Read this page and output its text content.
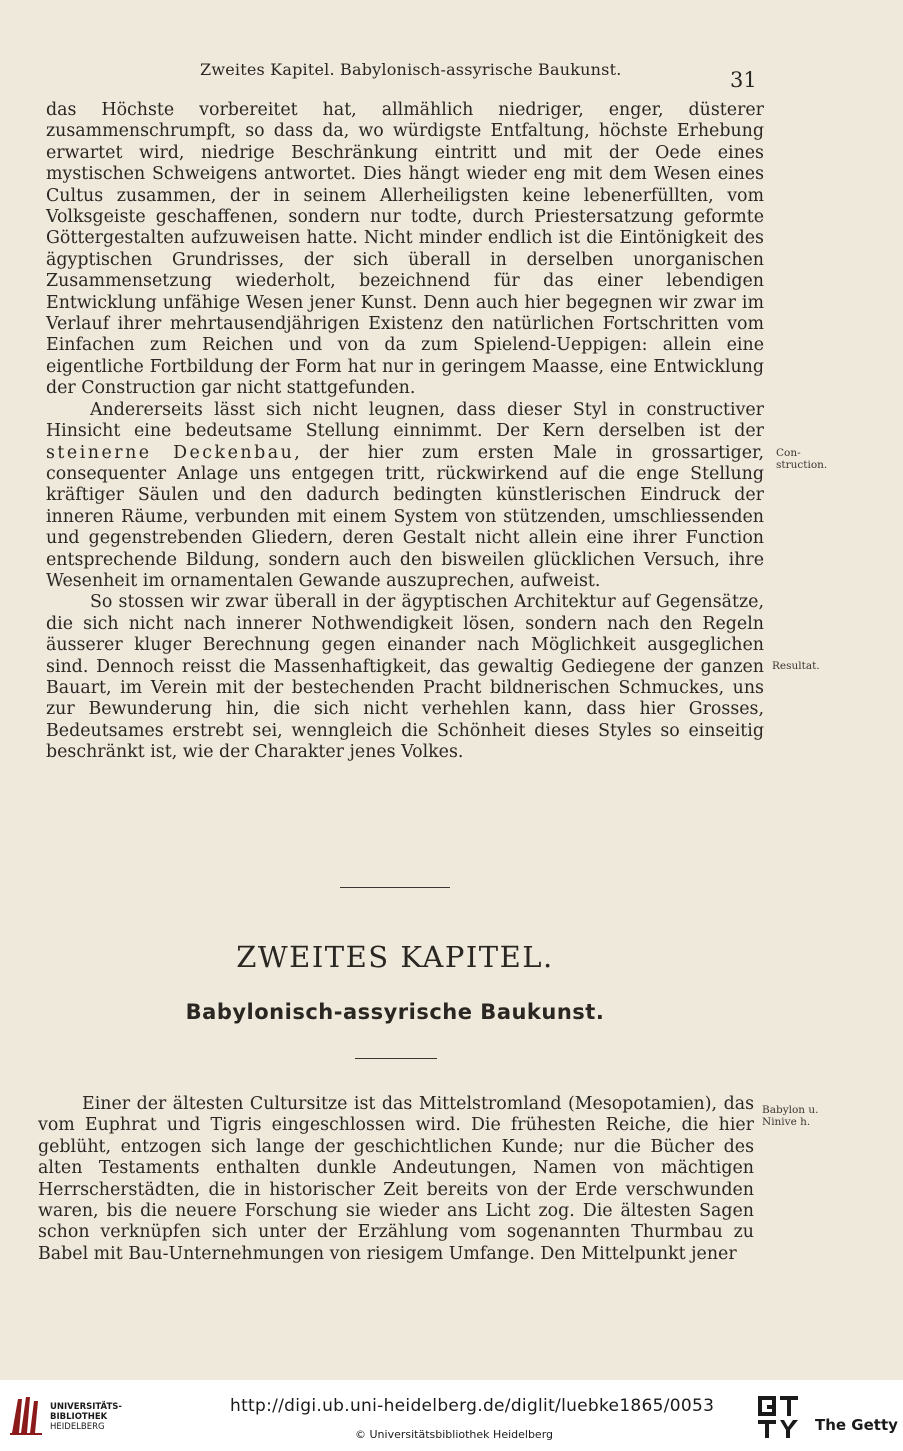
Zweites Kapitel. Babylonisch-assyrische Baukunst.	31

das Höchste vorbereitet hat, allmählich niedriger, enger, düsterer zusammenschrumpft, so dass da, wo würdigste Entfaltung, höchste Erhebung erwartet wird, niedrige Beschränkung eintritt und mit der Oede eines mystischen Schweigens antwortet. Dies hängt wieder eng mit dem Wesen eines Cultus zusammen, der in seinem Allerheiligsten keine lebenerfüllten, vom Volksgeiste geschaffenen, sondern nur todte, durch Priestersatzung geformte Göttergestalten aufzuweisen hatte. Nicht minder endlich ist die Eintönigkeit des ägyptischen Grundrisses, der sich überall in derselben unorganischen Zusammensetzung wiederholt, bezeichnend für das einer lebendigen Entwicklung unfähige Wesen jener Kunst. Denn auch hier begegnen wir zwar im Verlauf ihrer mehrtausendjährigen Existenz den natürlichen Fortschritten vom Einfachen zum Reichen und von da zum Spielend-Ueppigen: allein eine eigentliche Fortbildung der Form hat nur in geringem Maasse, eine Entwicklung der Construction gar nicht stattgefunden.

Andererseits lässt sich nicht leugnen, dass dieser Styl in constructiver Hinsicht eine bedeutsame Stellung einnimmt. Der Kern derselben ist der steinerne Deckenbau, der hier zum ersten Male in grossartiger, consequenter Anlage uns entgegen tritt, rückwirkend auf die enge Stellung kräftiger Säulen und den dadurch bedingten künstlerischen Eindruck der inneren Räume, verbunden mit einem System von stützenden, umschliessenden und gegenstrebenden Gliedern, deren Gestalt nicht allein eine ihrer Function entsprechende Bildung, sondern auch den bisweilen glücklichen Versuch, ihre Wesenheit im ornamentalen Gewande auszuprechen, aufweist.

So stossen wir zwar überall in der ägyptischen Architektur auf Gegensätze, die sich nicht nach innerer Nothwendigkeit lösen, sondern nach den Regeln äusserer kluger Berechnung gegen einander nach Möglichkeit ausgeglichen sind. Dennoch reisst die Massenhaftigkeit, das gewaltig Gediegene der ganzen Bauart, im Verein mit der bestechenden Pracht bildnerischen Schmuckes, uns zur Bewunderung hin, die sich nicht verhehlen kann, dass hier Grosses, Bedeutsames erstrebt sei, wenngleich die Schönheit dieses Styles so einseitig beschränkt ist, wie der Charakter jenes Volkes.

Con-
struction.
Resultat.
ZWEITES KAPITEL.
Babylonisch-assyrische Baukunst.

Einer der ältesten Cultursitze ist das Mittelstromland (Mesopotamien), das vom Euphrat und Tigris eingeschlossen wird. Die frühesten Reiche, die hier geblüht, entzogen sich lange der geschichtlichen Kunde; nur die Bücher des alten Testaments enthalten dunkle Andeutungen, Namen von mächtigen Herrscherstädten, die in historischer Zeit bereits von der Erde verschwunden waren, bis die neuere Forschung sie wieder ans Licht zog. Die ältesten Sagen schon verknüpfen sich unter der Erzählung vom sogenannten Thurmbau zu Babel mit Bau-Unternehmungen von riesigem Umfange. Den Mittelpunkt jener

Babylon u.
Ninive h.
UNIVERSITÄTS-
BIBLIOTHEK
HEIDELBERG
http://digi.ub.uni-heidelberg.de/diglit/luebke1865/0053
© Universitätsbibliothek Heidelberg
The Getty
